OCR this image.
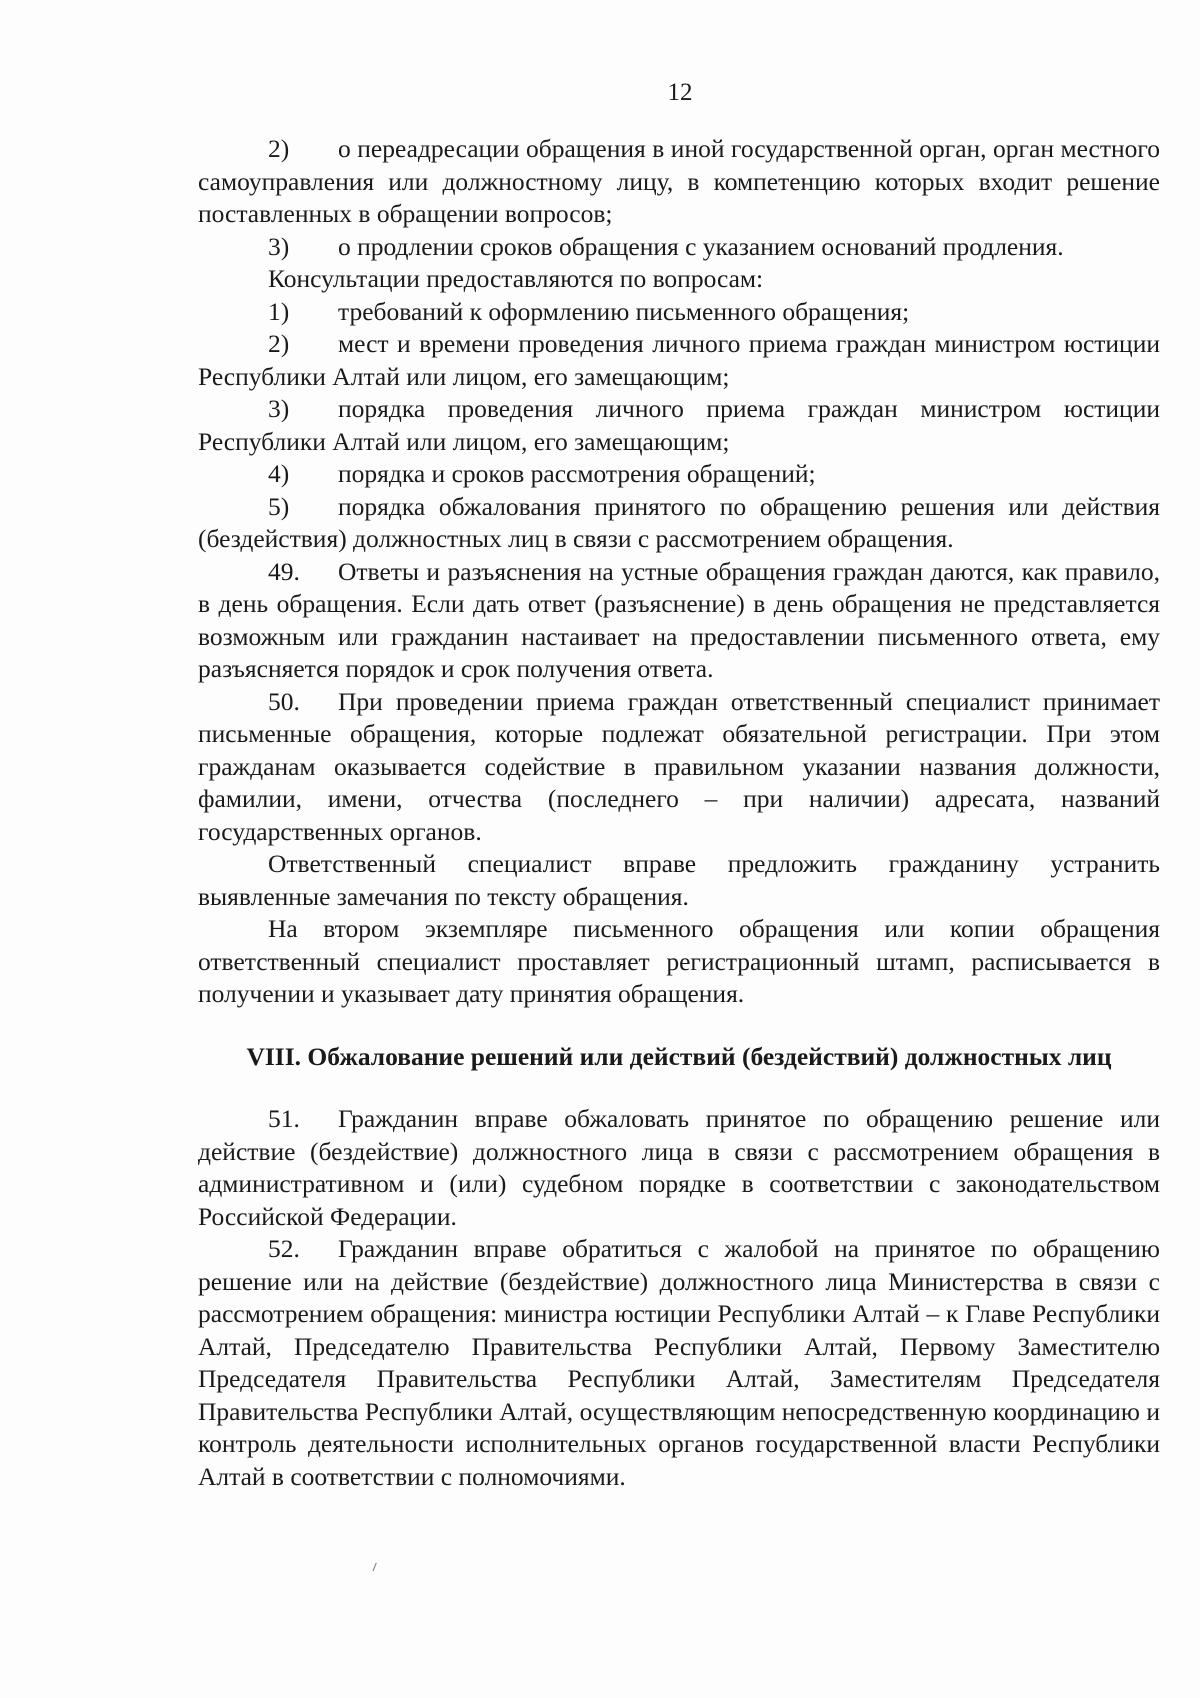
12

2) о переадресации обращения в иной государственной орган, орган местного самоуправления или должностному лицу, в компетенцию которых входит решение поставленных в обращении вопросов;

3) о продлении сроков обращения с указанием оснований продления.

Консультации предоставляются по вопросам:

1) требований к оформлению письменного обращения;

2) мест и времени проведения личного приема граждан министром юстиции Республики Алтай или лицом, его замещающим;

3) порядка проведения личного приема граждан министром юстиции Республики Алтай или лицом, его замещающим;

4) порядка и сроков рассмотрения обращений;

5) порядка обжалования принятого по обращению решения или действия (бездействия) должностных лиц в связи с рассмотрением обращения.

49. Ответы и разъяснения на устные обращения граждан даются, как правило, в день обращения. Если дать ответ (разъяснение) в день обращения не представляется возможным или гражданин настаивает на предоставлении письменного ответа, ему разъясняется порядок и срок получения ответа.

50. При проведении приема граждан ответственный специалист принимает письменные обращения, которые подлежат обязательной регистрации. При этом гражданам оказывается содействие в правильном указании названия должности, фамилии, имени, отчества (последнего – при наличии) адресата, названий государственных органов.

Ответственный специалист вправе предложить гражданину устранить выявленные замечания по тексту обращения.

На втором экземпляре письменного обращения или копии обращения ответственный специалист проставляет регистрационный штамп, расписывается в получении и указывает дату принятия обращения.

VIII. Обжалование решений или действий (бездействий) должностных лиц

51. Гражданин вправе обжаловать принятое по обращению решение или действие (бездействие) должностного лица в связи с рассмотрением обращения в административном и (или) судебном порядке в соответствии с законодательством Российской Федерации.

52. Гражданин вправе обратиться с жалобой на принятое по обращению решение или на действие (бездействие) должностного лица Министерства в связи с рассмотрением обращения: министра юстиции Республики Алтай – к Главе Республики Алтай, Председателю Правительства Республики Алтай, Первому Заместителю Председателя Правительства Республики Алтай, Заместителям Председателя Правительства Республики Алтай, осуществляющим непосредственную координацию и контроль деятельности исполнительных органов государственной власти Республики Алтай в соответствии с полномочиями.
